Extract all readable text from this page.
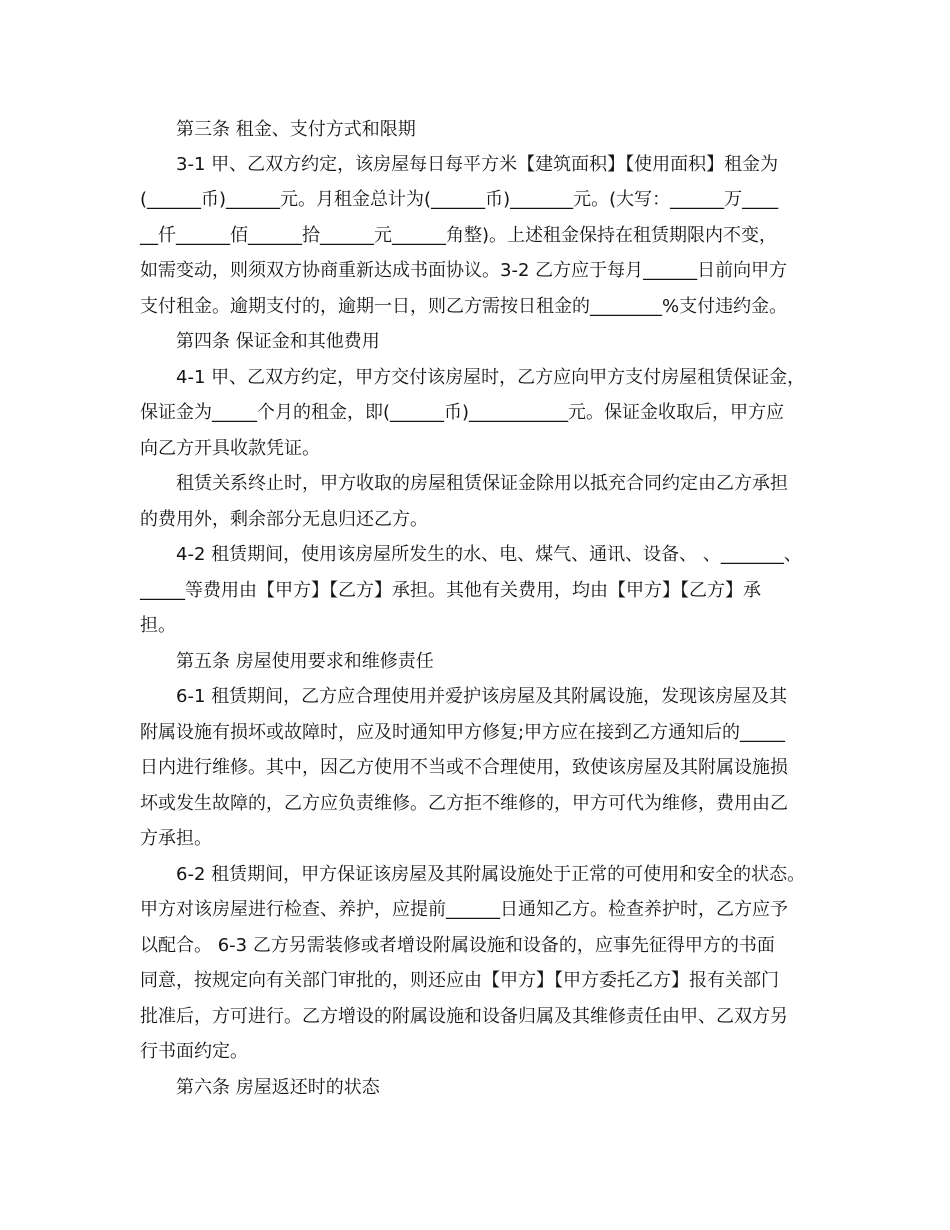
第三条 租金、支付方式和限期
3-1 甲、乙双方约定，该房屋每日每平方米【建筑面积】【使用面积】租金为
(______币)______元。月租金总计为(______币)_______元。(大写：______万____
__仟______佰______拾______元______角整)。上述租金保持在租赁期限内不变，
如需变动，则须双方协商重新达成书面协议。3-2 乙方应于每月______日前向甲方
支付租金。逾期支付的，逾期一日，则乙方需按日租金的________%支付违约金。
第四条 保证金和其他费用
4-1 甲、乙双方约定，甲方交付该房屋时，乙方应向甲方支付房屋租赁保证金，
保证金为_____个月的租金，即(______币)___________元。保证金收取后，甲方应
向乙方开具收款凭证。
租赁关系终止时，甲方收取的房屋租赁保证金除用以抵充合同约定由乙方承担
的费用外，剩余部分无息归还乙方。
4-2 租赁期间，使用该房屋所发生的水、电、煤气、通讯、设备、 、_______、
_____等费用由【甲方】【乙方】承担。其他有关费用，均由【甲方】【乙方】承
担。
第五条 房屋使用要求和维修责任
6-1 租赁期间，乙方应合理使用并爱护该房屋及其附属设施，发现该房屋及其
附属设施有损坏或故障时，应及时通知甲方修复;甲方应在接到乙方通知后的_____
日内进行维修。其中，因乙方使用不当或不合理使用，致使该房屋及其附属设施损
坏或发生故障的，乙方应负责维修。乙方拒不维修的，甲方可代为维修，费用由乙
方承担。
6-2 租赁期间，甲方保证该房屋及其附属设施处于正常的可使用和安全的状态。
甲方对该房屋进行检查、养护，应提前______日通知乙方。检查养护时，乙方应予
以配合。 6-3 乙方另需装修或者增设附属设施和设备的，应事先征得甲方的书面
同意，按规定向有关部门审批的，则还应由【甲方】【甲方委托乙方】报有关部门
批准后，方可进行。乙方增设的附属设施和设备归属及其维修责任由甲、乙双方另
行书面约定。
第六条 房屋返还时的状态
